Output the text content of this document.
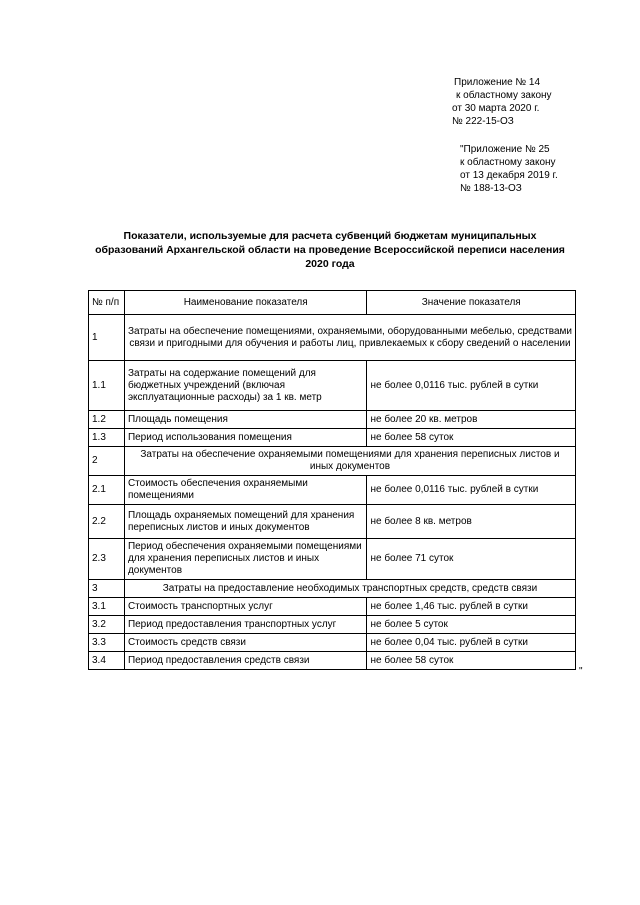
Приложение № 14
к областному закону
от 30 марта 2020 г.
№ 222-15-ОЗ
"Приложение № 25
к областному закону
от 13 декабря 2019 г.
№ 188-13-ОЗ
Показатели, используемые для расчета субвенций бюджетам муниципальных
образований Архангельской области на проведение Всероссийской переписи населения
2020 года
№ п/п	Наименование показателя	Значение показателя
1	Затраты на обеспечение помещениями, охраняемыми, оборудованными мебелью, средствами связи и пригодными для обучения и работы лиц, привлекаемых к сбору сведений о населении	
1.1	Затраты на содержание помещений для бюджетных учреждений (включая эксплуатационные расходы) за 1 кв. метр	не более 0,0116 тыс. рублей в сутки
1.2	Площадь помещения	не более 20 кв. метров
1.3	Период использования помещения	не более 58 суток
2	Затраты на обеспечение охраняемыми помещениями для хранения переписных листов и иных документов	
2.1	Стоимость обеспечения охраняемыми помещениями	не более 0,0116 тыс. рублей в сутки
2.2	Площадь охраняемых помещений для хранения переписных листов и иных документов	не более 8 кв. метров
2.3	Период обеспечения охраняемыми помещениями для хранения переписных листов и иных документов	не более 71 суток
3	Затраты на предоставление необходимых транспортных средств, средств связи	
3.1	Стоимость транспортных услуг	не более 1,46 тыс. рублей в сутки
3.2	Период предоставления транспортных услуг	не более 5 суток
3.3	Стоимость средств связи	не более 0,04 тыс. рублей в сутки
3.4	Период предоставления средств связи	не более 58 суток
"
